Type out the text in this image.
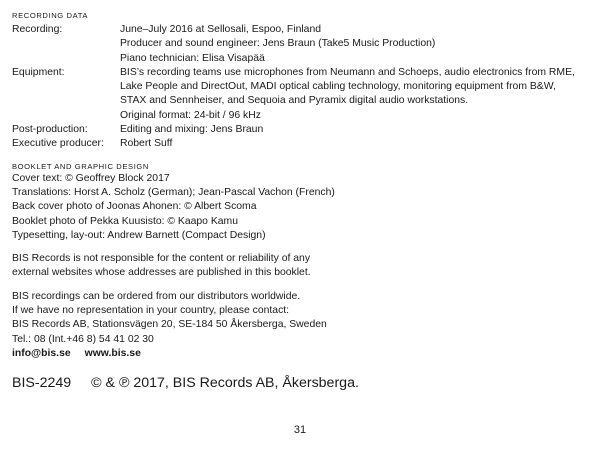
RECORDING DATA
Recording:	June–July 2016 at Sellosali, Espoo, Finland
Producer and sound engineer: Jens Braun (Take5 Music Production)
Piano technician: Elisa Visapää
Equipment:	BIS’s recording teams use microphones from Neumann and Schoeps, audio electronics from RME,
Lake People and DirectOut, MADI optical cabling technology, monitoring equipment from B&W,
STAX and Sennheiser, and Sequoia and Pyramix digital audio workstations.
Original format: 24-bit / 96 kHz
Post-production:	Editing and mixing: Jens Braun
Executive producer:	Robert Suff
BOOKLET AND GRAPHIC DESIGN
Cover text: © Geoffrey Block 2017
Translations: Horst A. Scholz (German); Jean-Pascal Vachon (French)
Back cover photo of Joonas Ahonen: © Albert Scoma
Booklet photo of Pekka Kuusisto: © Kaapo Kamu
Typesetting, lay-out: Andrew Barnett (Compact Design)
BIS Records is not responsible for the content or reliability of any
external websites whose addresses are published in this booklet.
BIS recordings can be ordered from our distributors worldwide.
If we have no representation in your country, please contact:
BIS Records AB, Stationsvägen 20, SE-184 50 Åkersberga, Sweden
Tel.: 08 (Int.+46 8) 54 41 02 30
info@bis.se www.bis.se
BIS-2249 © & ℗ 2017, BIS Records AB, Åkersberga.
31
